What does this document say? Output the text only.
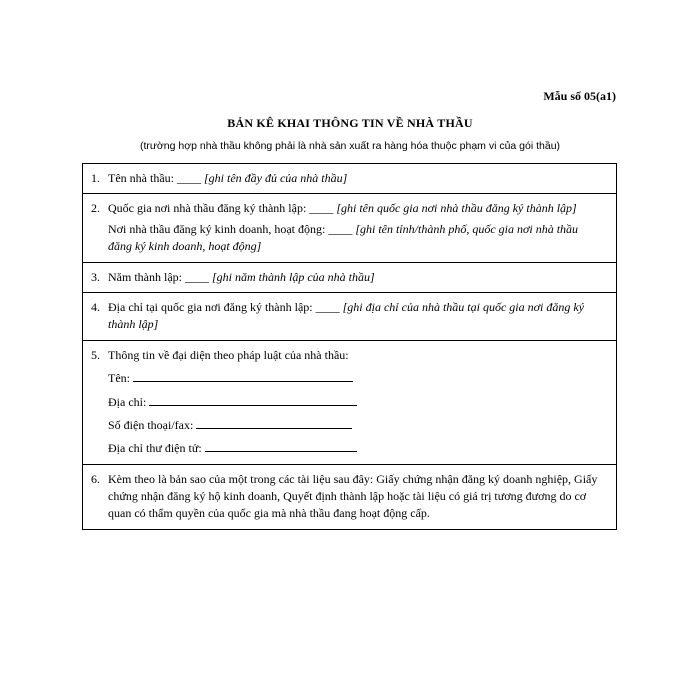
Mẫu số 05(a1)
BẢN KÊ KHAI THÔNG TIN VỀ NHÀ THẦU
(trường hợp nhà thầu không phải là nhà sản xuất ra hàng hóa thuộc phạm vi của gói thầu)
1. Tên nhà thầu: ____ [ghi tên đầy đủ của nhà thầu]

2. Quốc gia nơi nhà thầu đăng ký thành lập: ____ [ghi tên quốc gia nơi nhà thầu đăng ký thành lập]
Nơi nhà thầu đăng ký kinh doanh, hoạt động: ____ [ghi tên tỉnh/thành phố, quốc gia nơi nhà thầu đăng ký kinh doanh, hoạt động]

3. Năm thành lập: ____ [ghi năm thành lập của nhà thầu]

4. Địa chỉ tại quốc gia nơi đăng ký thành lập: ____ [ghi địa chỉ của nhà thầu tại quốc gia nơi đăng ký thành lập]

5. Thông tin về đại diện theo pháp luật của nhà thầu:
Tên:
Địa chỉ:
Số điện thoại/fax:
Địa chỉ thư điện tử:

6. Kèm theo là bản sao của một trong các tài liệu sau đây: Giấy chứng nhận đăng ký doanh nghiệp, Giấy chứng nhận đăng ký hộ kinh doanh, Quyết định thành lập hoặc tài liệu có giá trị tương đương do cơ quan có thẩm quyền của quốc gia mà nhà thầu đang hoạt động cấp.
